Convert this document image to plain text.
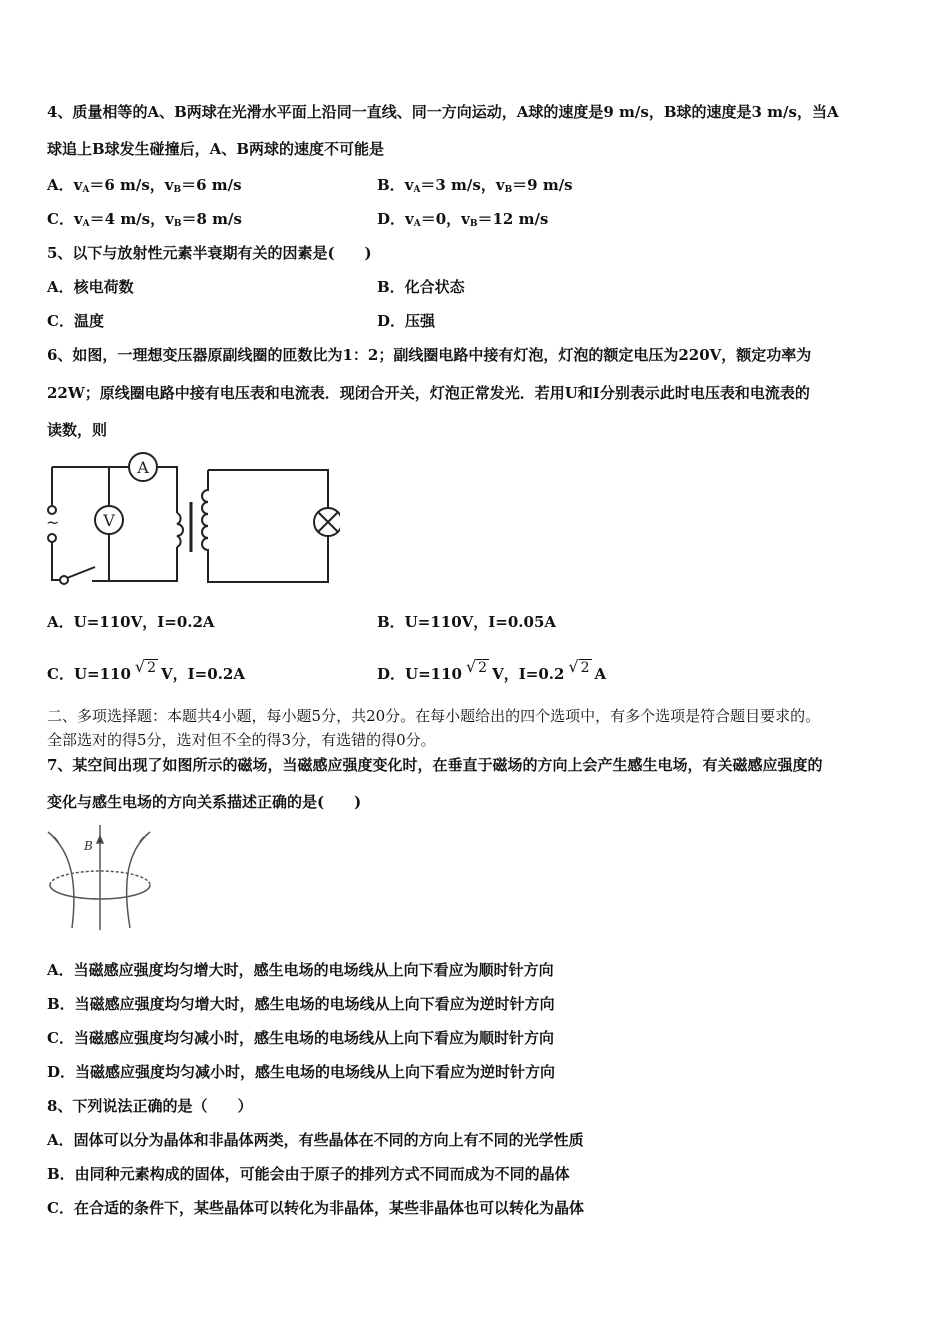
4、质量相等的A、B两球在光滑水平面上沿同一直线、同一方向运动，A球的速度是9 m/s，B球的速度是3 m/s，当A
球追上B球发生碰撞后，A、B两球的速度不可能是
A．$v_A=6$ m/s，$v_B=6$ m/s	B．$v_A=3$ m/s，$v_B=9$ m/s
C．$v_A=4$ m/s，$v_B=8$ m/s	D．$v_A=0$，$v_B=12$ m/s
5、以下与放射性元素半衰期有关的因素是(　　)
A．核电荷数	B．化合状态
C．温度	D．压强
6、如图，一理想变压器原副线圈的匝数比为1：2；副线圈电路中接有灯泡，灯泡的额定电压为220V，额定功率为
22W；原线圈电路中接有电压表和电流表．现闭合开关，灯泡正常发光．若用U和I分别表示此时电压表和电流表的
读数，则
A
~	V
A．U=110V，I=0.2A	B．U=110V，I=0.05A
C．U=110 √ 2 V，I=0.2A	D．U=110 √ 2 V，I=0.2 √ 2 A
二、多项选择题：本题共4小题，每小题5分，共20分。在每小题给出的四个选项中，有多个选项是符合题目要求的。
全部选对的得5分，选对但不全的得3分，有选错的得0分。
7、某空间出现了如图所示的磁场，当磁感应强度变化时，在垂直于磁场的方向上会产生感生电场，有关磁感应强度的
变化与感生电场的方向关系描述正确的是(　　)
B
A．当磁感应强度均匀增大时，感生电场的电场线从上向下看应为顺时针方向
B．当磁感应强度均匀增大时，感生电场的电场线从上向下看应为逆时针方向
C．当磁感应强度均匀减小时，感生电场的电场线从上向下看应为顺时针方向
D．当磁感应强度均匀减小时，感生电场的电场线从上向下看应为逆时针方向
8、下列说法正确的是（　　）
A．固体可以分为晶体和非晶体两类，有些晶体在不同的方向上有不同的光学性质
B．由同种元素构成的固体，可能会由于原子的排列方式不同而成为不同的晶体
C．在合适的条件下，某些晶体可以转化为非晶体，某些非晶体也可以转化为晶体
